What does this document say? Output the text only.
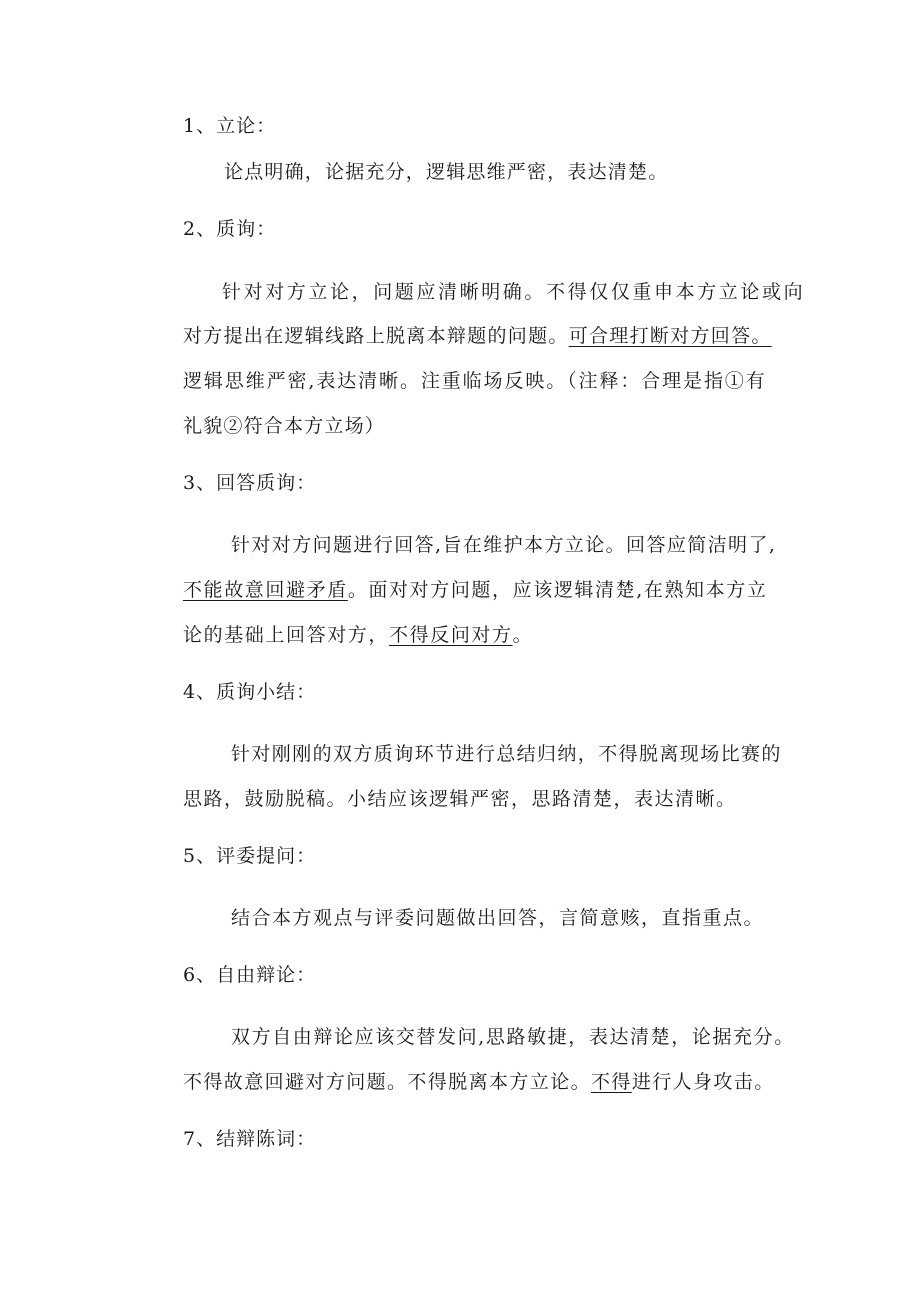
1、立论：
论点明确，论据充分，逻辑思维严密，表达清楚。
2、质询：
针对对方立论，问题应清晰明确。不得仅仅重申本方立论或向
对方提出在逻辑线路上脱离本辩题的问题。可合理打断对方回答。
逻辑思维严密,表达清晰。注重临场反映。（注释：合理是指①有
礼貌②符合本方立场）
3、回答质询：
针对对方问题进行回答,旨在维护本方立论。回答应简洁明了,
不能故意回避矛盾。面对对方问题，应该逻辑清楚,在熟知本方立
论的基础上回答对方，不得反问对方。
4、质询小结：
针对刚刚的双方质询环节进行总结归纳，不得脱离现场比赛的
思路，鼓励脱稿。小结应该逻辑严密，思路清楚，表达清晰。
5、评委提问：
结合本方观点与评委问题做出回答，言简意赅，直指重点。
6、自由辩论：
双方自由辩论应该交替发问,思路敏捷，表达清楚，论据充分。
不得故意回避对方问题。不得脱离本方立论。不得进行人身攻击。
7、结辩陈词：
